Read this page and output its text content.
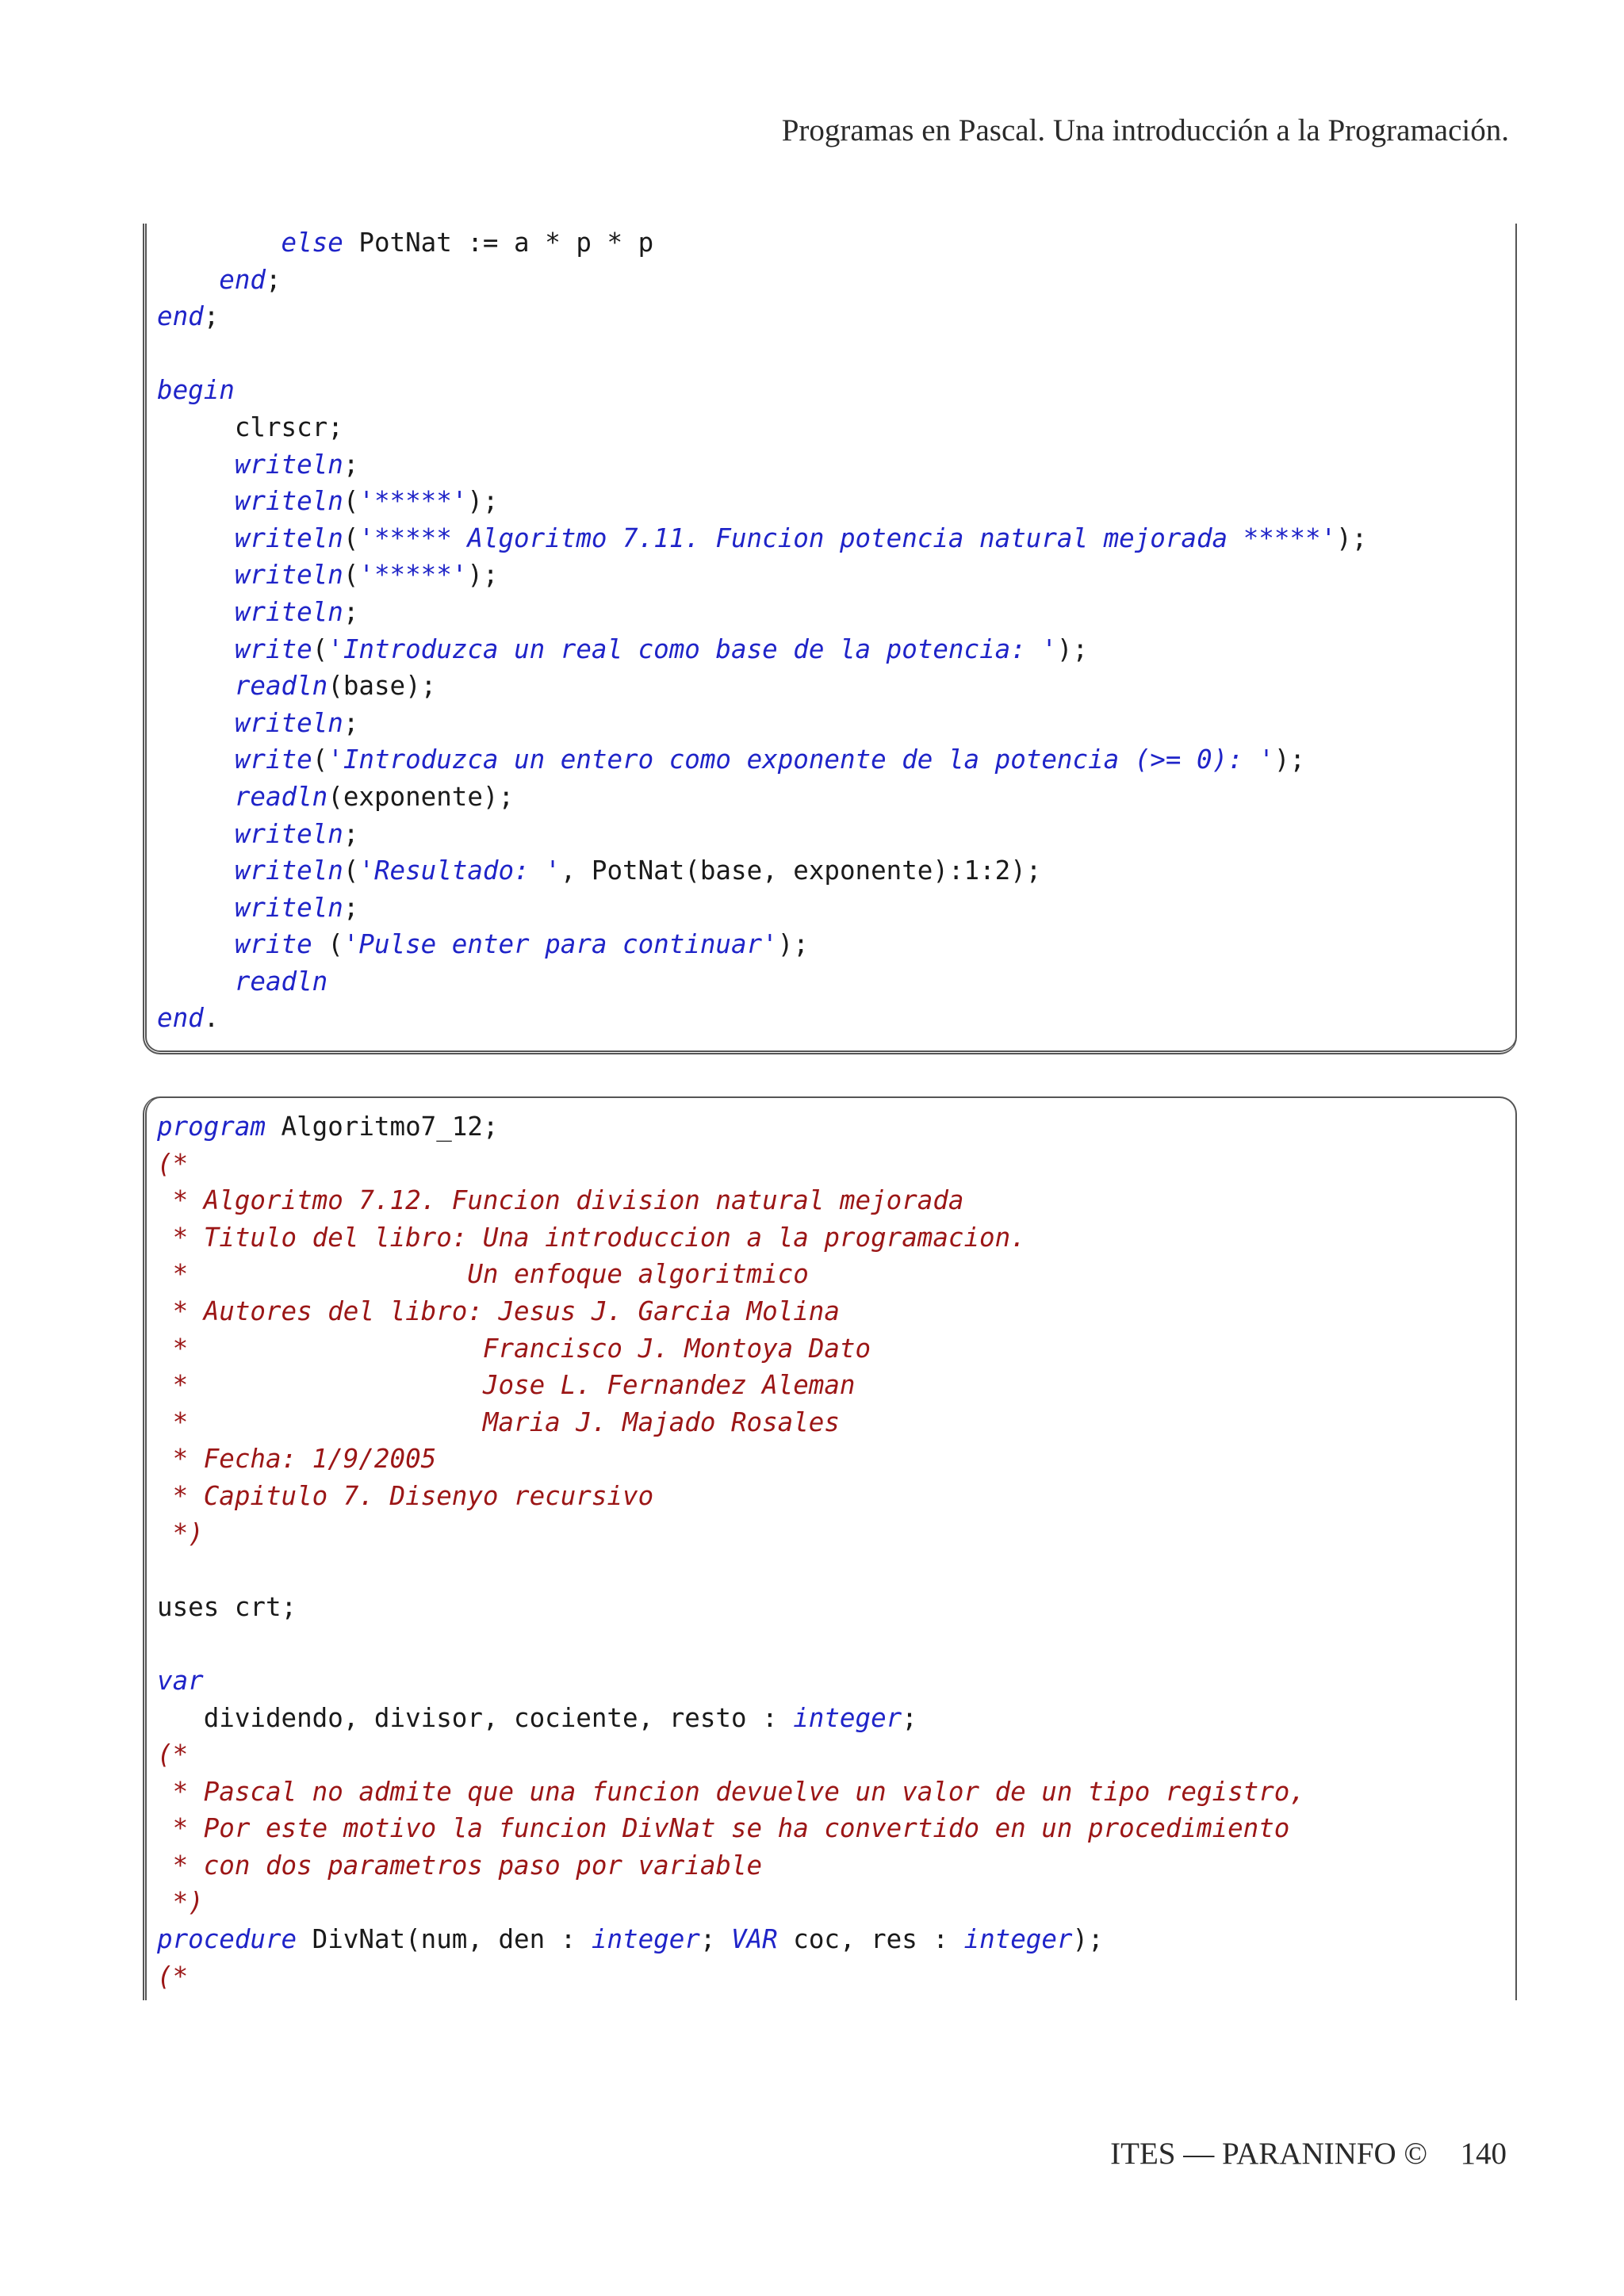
Programas en Pascal. Una introducción a la Programación.
else PotNat := a * p * p
end;
end;
begin
clrscr;
writeln;
writeln('*****');
writeln('***** Algoritmo 7.11. Funcion potencia natural mejorada *****');
writeln('*****');
writeln;
write('Introduzca un real como base de la potencia: ');
readln(base);
writeln;
write('Introduzca un entero como exponente de la potencia (>= 0): ');
readln(exponente);
writeln;
writeln('Resultado: ', PotNat(base, exponente):1:2);
writeln;
write ('Pulse enter para continuar');
readln
end.
program Algoritmo7_12;
(*
* Algoritmo 7.12. Funcion division natural mejorada
* Titulo del libro: Una introduccion a la programacion.
*                  Un enfoque algoritmico
* Autores del libro: Jesus J. Garcia Molina
*                   Francisco J. Montoya Dato
*                   Jose L. Fernandez Aleman
*                   Maria J. Majado Rosales
* Fecha: 1/9/2005
* Capitulo 7. Disenyo recursivo
*)
uses crt;
var
dividendo, divisor, cociente, resto : integer;
(*
* Pascal no admite que una funcion devuelve un valor de un tipo registro,
* Por este motivo la funcion DivNat se ha convertido en un procedimiento
* con dos parametros paso por variable
*)
procedure DivNat(num, den : integer; VAR coc, res : integer);
(*
ITES — PARANINFO © 140
